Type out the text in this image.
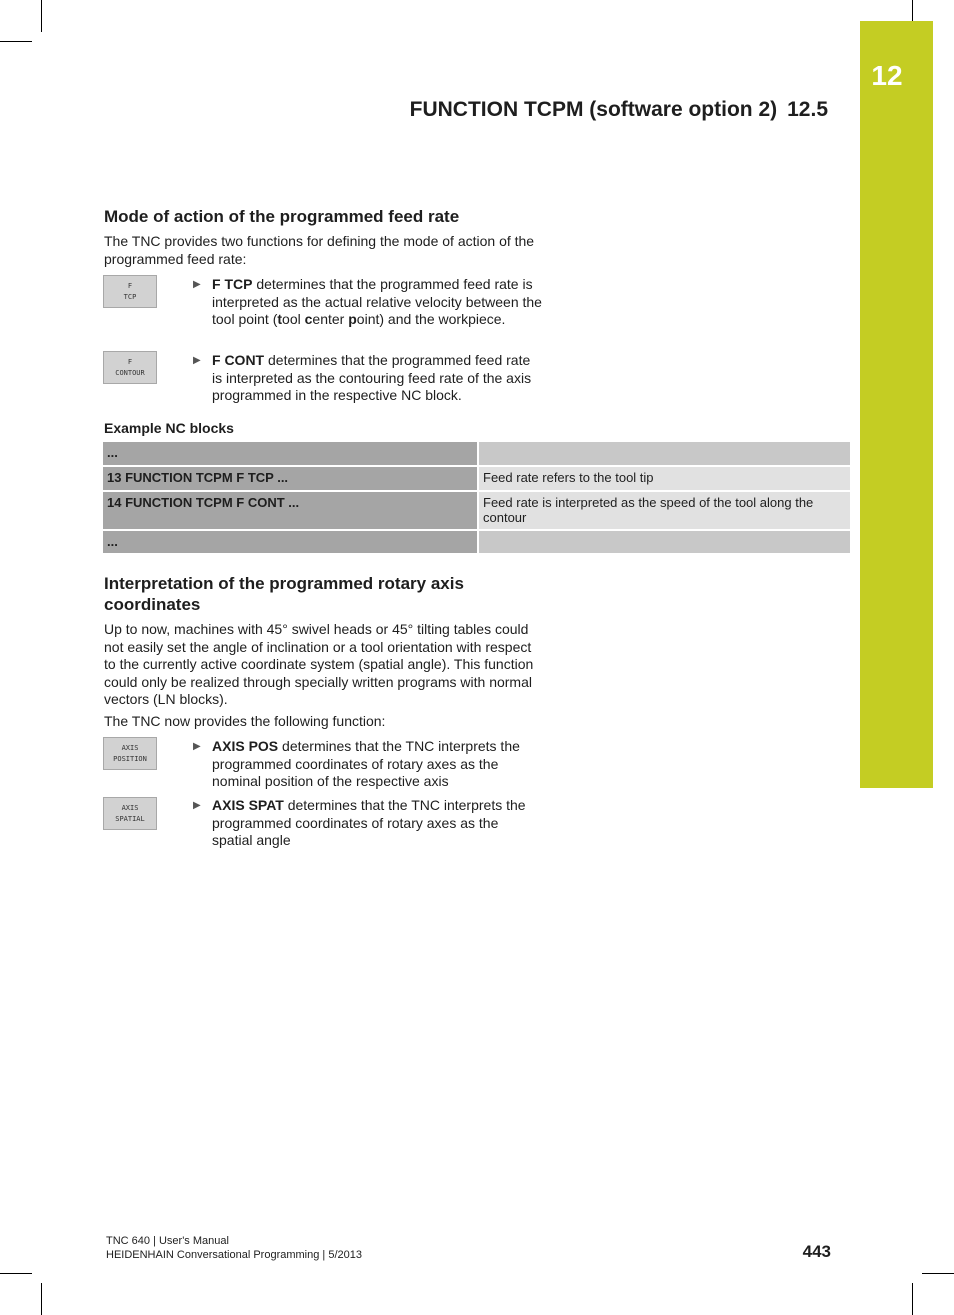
12
FUNCTION TCPM (software option 2) 12.5
Mode of action of the programmed feed rate
The TNC provides two functions for defining the mode of action of the programmed feed rate:
F
TCP
▶ F TCP determines that the programmed feed rate is interpreted as the actual relative velocity between the tool point (tool center point) and the workpiece.
F
CONTOUR
▶ F CONT determines that the programmed feed rate is interpreted as the contouring feed rate of the axis programmed in the respective NC block.
Example NC blocks
...	
13 FUNCTION TCPM F TCP ...	Feed rate refers to the tool tip
14 FUNCTION TCPM F CONT ...	Feed rate is interpreted as the speed of the tool along the contour
...	
Interpretation of the programmed rotary axis
coordinates
Up to now, machines with 45° swivel heads or 45° tilting tables could not easily set the angle of inclination or a tool orientation with respect to the currently active coordinate system (spatial angle). This function could only be realized through specially written programs with normal vectors (LN blocks).
The TNC now provides the following function:
AXIS
POSITION
▶ AXIS POS determines that the TNC interprets the programmed coordinates of rotary axes as the nominal position of the respective axis
AXIS
SPATIAL
▶ AXIS SPAT determines that the TNC interprets the programmed coordinates of rotary axes as the spatial angle
TNC 640 | User's Manual
HEIDENHAIN Conversational Programming | 5/2013	443
